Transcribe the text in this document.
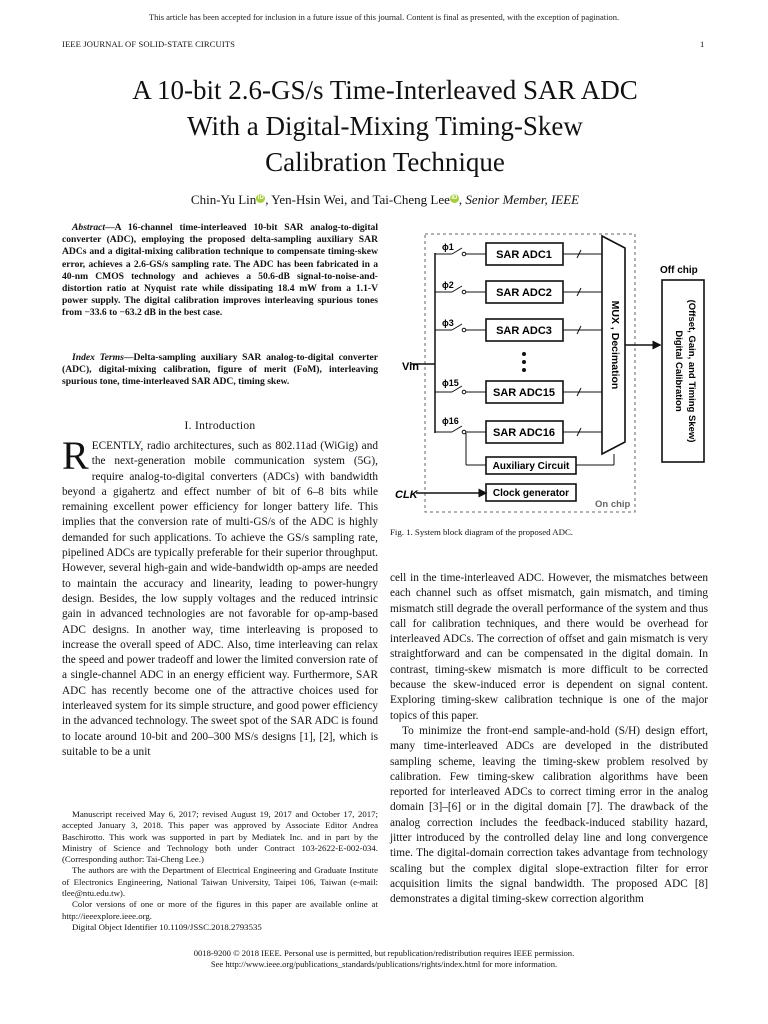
This article has been accepted for inclusion in a future issue of this journal. Content is final as presented, with the exception of pagination.
IEEE JOURNAL OF SOLID-STATE CIRCUITS	1
A 10-bit 2.6-GS/s Time-Interleaved SAR ADC
With a Digital-Mixing Timing-Skew
Calibration Technique
Chin-Yu Lin iD , Yen-Hsin Wei, and Tai-Cheng Lee iD , Senior Member, IEEE
Abstract—A 16-channel time-interleaved 10-bit SAR analog-to-digital converter (ADC), employing the proposed delta-sampling auxiliary SAR ADCs and a digital-mixing calibration technique to compensate timing-skew error, achieves a 2.6-GS/s sampling rate. The ADC has been fabricated in a 40-nm CMOS technology and achieves a 50.6-dB signal-to-noise-and-distortion ratio at Nyquist rate while dissipating 18.4 mW from a 1.1-V power supply. The digital calibration improves interleaving spurious tones from −33.6 to −63.2 dB in the best case.
Index Terms—Delta-sampling auxiliary SAR analog-to-digital converter (ADC), digital-mixing calibration, figure of merit (FoM), interleaving spurious tone, time-interleaved SAR ADC, timing skew.
I. Introduction
RECENTLY, radio architectures, such as 802.11ad (WiGig) and the next-generation mobile communication system (5G), require analog-to-digital converters (ADCs) with bandwidth beyond a gigahertz and effect number of bit of 6–8 bits while remaining excellent power efficiency for longer battery life. This implies that the conversion rate of multi-GS/s of the ADC is highly demanded for such applications. To achieve the GS/s sampling rate, pipelined ADCs are typically preferable for their superior throughput. However, several high-gain and wide-bandwidth op-amps are needed to maintain the accuracy and linearity, leading to power-hungry design. Besides, the low supply voltages and the reduced intrinsic gain in advanced technologies are not favorable for op-amp-based ADC designs. In another way, time interleaving is proposed to increase the overall speed of ADC. Also, time interleaving can relax the speed and power tradeoff and lower the limited conversion rate of a single-channel ADC in an energy efficient way. Furthermore, SAR ADC has recently become one of the attractive choices used for interleaved system for its simple structure, and good power efficiency in the advanced technology. The sweet spot of the SAR ADC is found to locate around 10-bit and 200–300 MS/s designs [1], [2], which is suitable to be a unit

Manuscript received May 6, 2017; revised August 19, 2017 and October 17, 2017; accepted January 3, 2018. This paper was approved by Associate Editor Andrea Baschirotto. This work was supported in part by Mediatek Inc. and in part by the Ministry of Science and Technology both under Contract 103-2622-E-002-034. (Corresponding author: Tai-Cheng Lee.)

The authors are with the Department of Electrical Engineering and Graduate Institute of Electronics Engineering, National Taiwan University, Taipei 106, Taiwan (e-mail: tlee@ntu.edu.tw).

Color versions of one or more of the figures in this paper are available online at http://ieeexplore.ieee.org.

Digital Object Identifier 10.1109/JSSC.2018.2793535

Vin
ϕ1
SAR ADC1
ϕ2
SAR ADC2
ϕ3
SAR ADC3
ϕ15
SAR ADC15
ϕ16
SAR ADC16
MUX , Decimation
Auxiliary Circuit
Clock generator
CLK
On chip
Off chip
Digital Calibration (Offset, Gain, and Timing Skew)
Fig. 1. System block diagram of the proposed ADC.

cell in the time-interleaved ADC. However, the mismatches between each channel such as offset mismatch, gain mismatch, and timing mismatch still degrade the overall performance of the system and thus call for calibration techniques, and there would be overhead for interleaved ADCs. The correction of offset and gain mismatch is very straightforward and can be compensated in the digital domain. In contrast, timing-skew mismatch is more difficult to be corrected because the skew-induced error is dependent on signal content. Exploring timing-skew calibration technique is one of the major topics of this paper.

To minimize the front-end sample-and-hold (S/H) design effort, many time-interleaved ADCs are developed in the distributed sampling scheme, leaving the timing-skew problem resolved by calibration. Few timing-skew calibration algorithms have been reported for interleaved ADCs to correct timing error in the analog domain [3]–[6] or in the digital domain [7]. The drawback of the analog correction includes the feedback-induced stability hazard, jitter introduced by the controlled delay line and long convergence time. The digital-domain correction takes advantage from technology scaling but the complex digital slope-extraction filter for error acquisition limits the signal bandwidth. The proposed ADC [8] demonstrates a digital timing-skew correction algorithm

0018-9200 © 2018 IEEE. Personal use is permitted, but republication/redistribution requires IEEE permission.
See http://www.ieee.org/publications_standards/publications/rights/index.html for more information.
